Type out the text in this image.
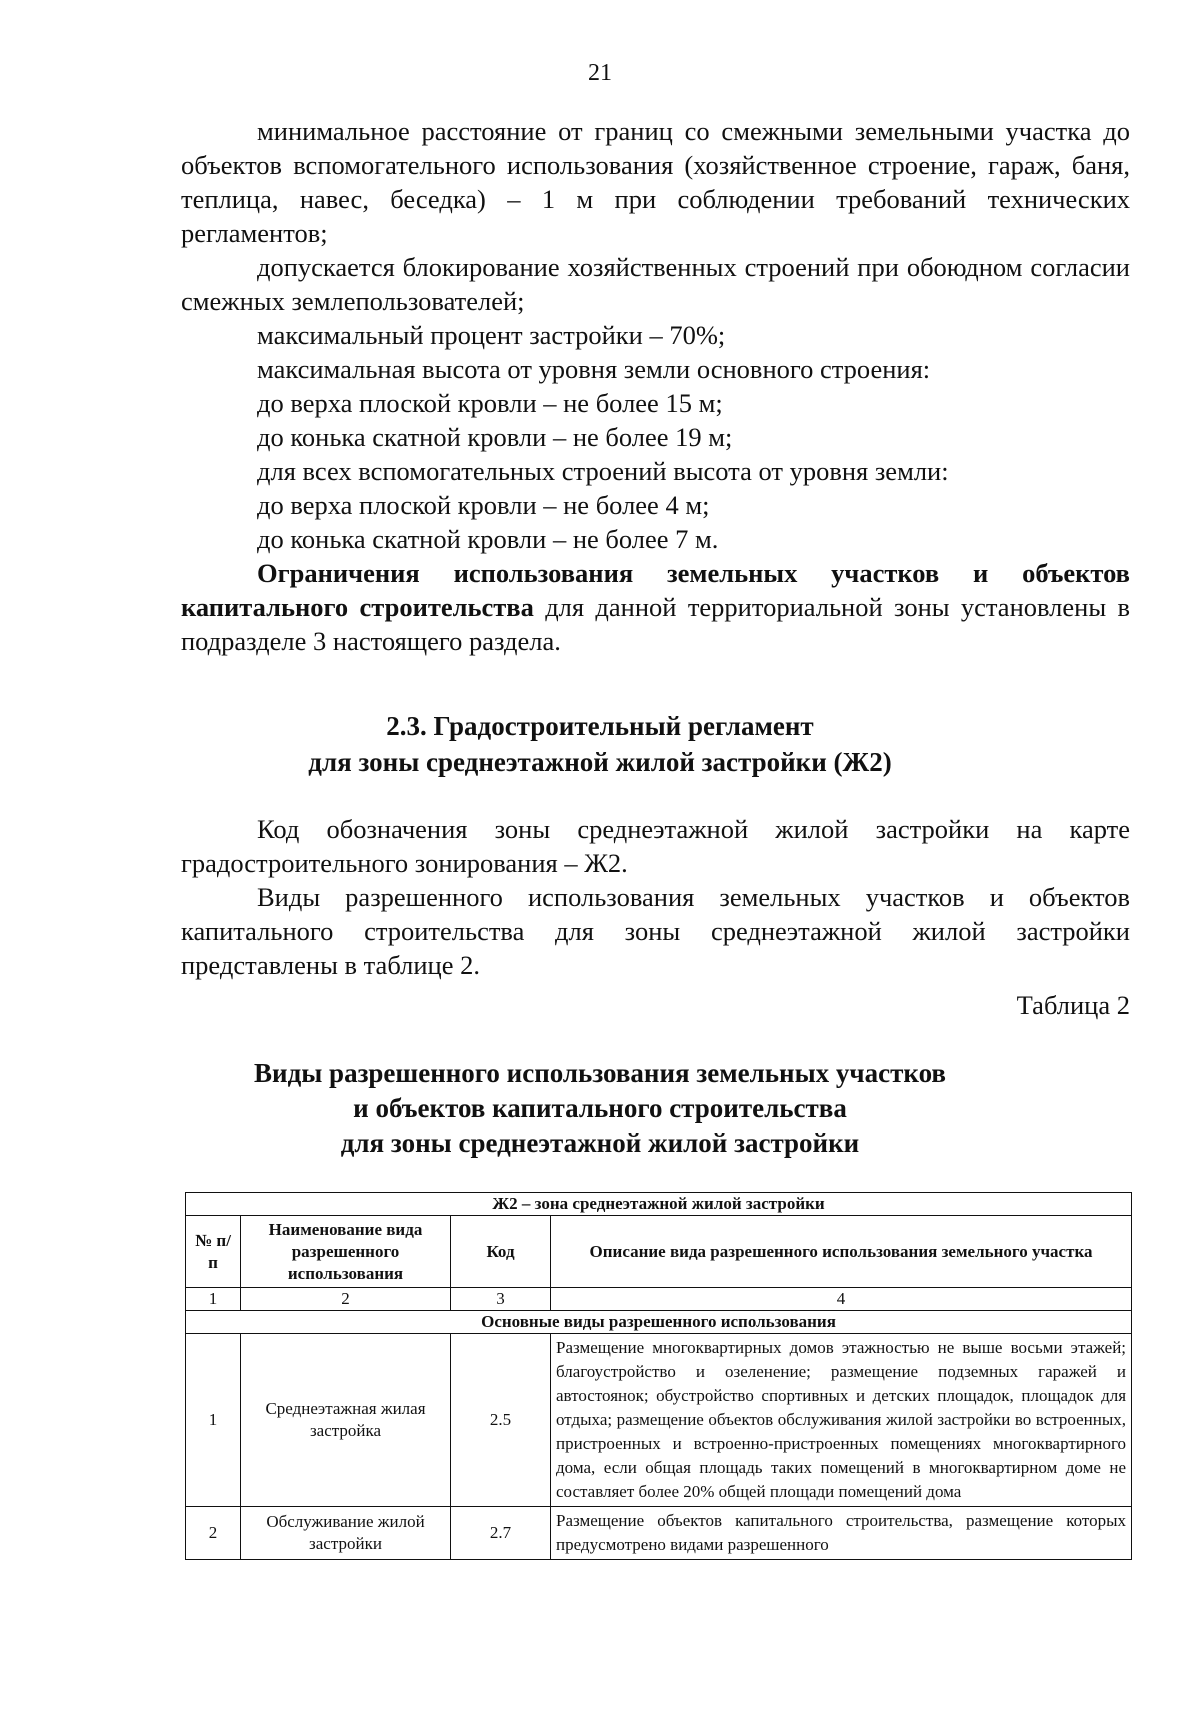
21

минимальное расстояние от границ со смежными земельными участка до объектов вспомогательного использования (хозяйственное строение, гараж, баня, теплица, навес, беседка) – 1 м при соблюдении требований технических регламентов;

допускается блокирование хозяйственных строений при обоюдном согласии смежных землепользователей;

максимальный процент застройки – 70%;

максимальная высота от уровня земли основного строения:

до верха плоской кровли – не более 15 м;

до конька скатной кровли – не более 19 м;

для всех вспомогательных строений высота от уровня земли:

до верха плоской кровли – не более 4 м;

до конька скатной кровли – не более 7 м.

Ограничения использования земельных участков и объектов капитального строительства для данной территориальной зоны установлены в подразделе 3 настоящего раздела.

2.3. Градостроительный регламент
для зоны среднеэтажной жилой застройки (Ж2)

Код обозначения зоны среднеэтажной жилой застройки на карте градостроительного зонирования – Ж2.

Виды разрешенного использования земельных участков и объектов капитального строительства для зоны среднеэтажной жилой застройки представлены в таблице 2.

Таблица 2
Виды разрешенного использования земельных участков
и объектов капитального строительства
для зоны среднеэтажной жилой застройки
Ж2 – зона среднеэтажной жилой застройки			
№ п/п	Наименование вида разрешенного использования	Код	Описание вида разрешенного использования земельного участка
1	2	3	4
Основные виды разрешенного использования			
1	Среднеэтажная жилая застройка	2.5	Размещение многоквартирных домов этажностью не выше восьми этажей; благоустройство и озеленение; размещение подземных гаражей и автостоянок; обустройство спортивных и детских площадок, площадок для отдыха; размещение объектов обслуживания жилой застройки во встроенных, пристроенных и встроенно-пристроенных помещениях многоквартирного дома, если общая площадь таких помещений в многоквартирном доме не составляет более 20% общей площади помещений дома
2	Обслуживание жилой застройки	2.7	Размещение объектов капитального строительства, размещение которых предусмотрено видами разрешенного
